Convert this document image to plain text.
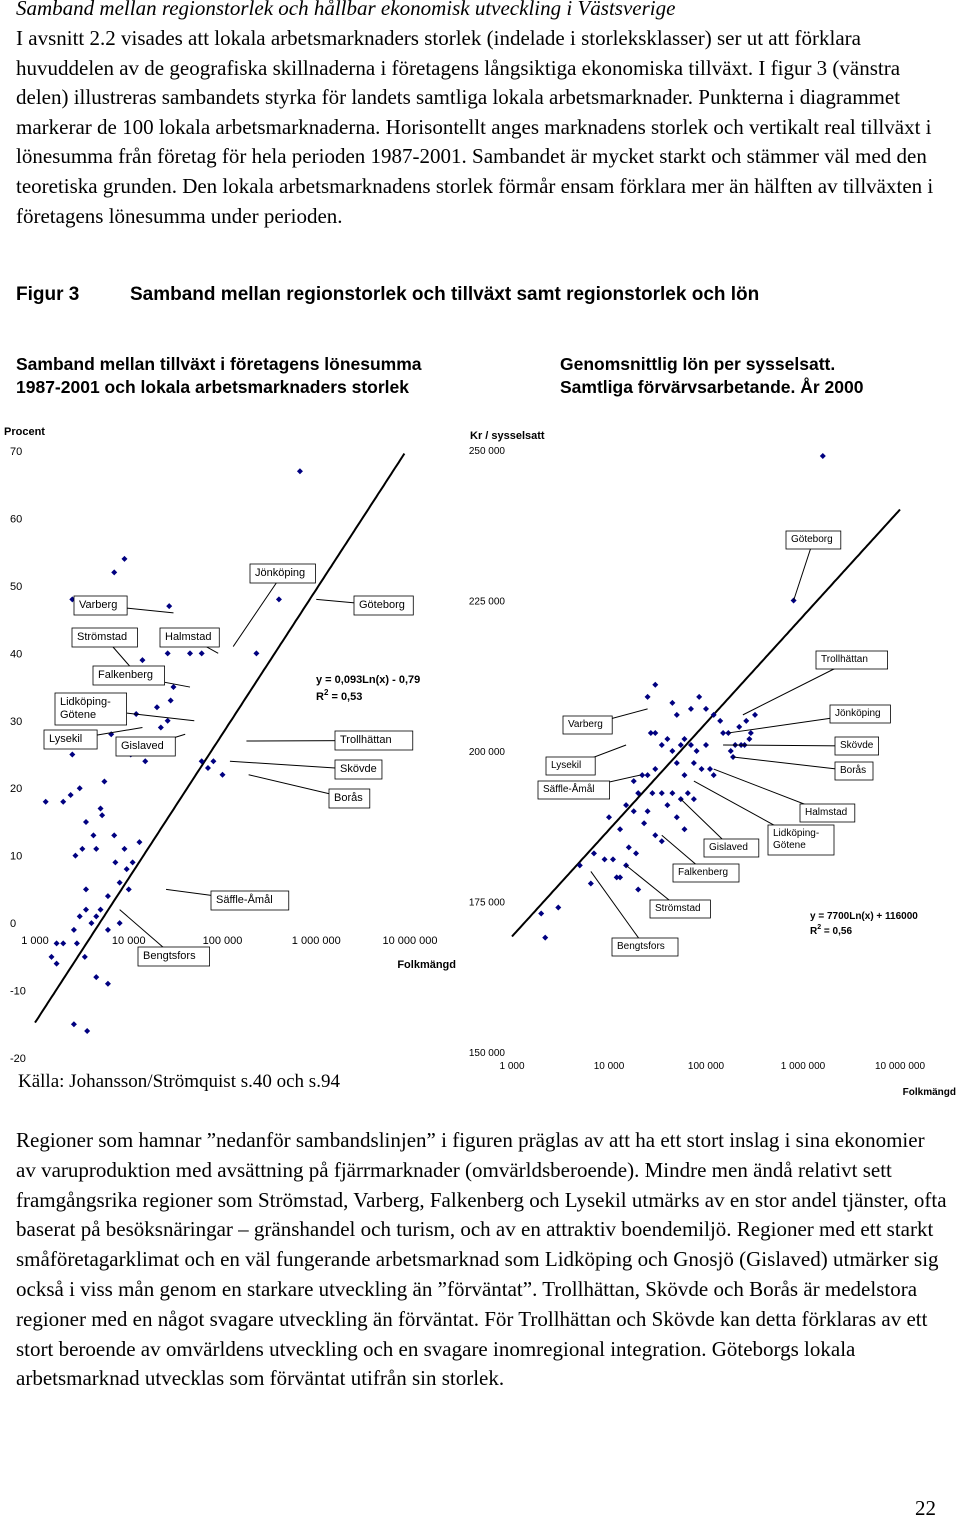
Samband mellan regionstorlek och hållbar ekonomisk utveckling i Västsverige

I avsnitt 2.2 visades att lokala arbetsmarknaders storlek (indelade i storleksklasser) ser ut att förklara huvuddelen av de geografiska skillnaderna i företagens långsiktiga ekonomiska tillväxt. I figur 3 (vänstra delen) illustreras sambandets styrka för landets samtliga lokala arbetsmarknader. Punkterna i diagrammet markerar de 100 lokala arbetsmarknaderna. Horisontellt anges marknadens storlek och vertikalt real tillväxt i lönesumma från företag för hela perioden 1987-2001. Sambandet är mycket starkt och stämmer väl med den teoretiska grunden. Den lokala arbetsmarknadens storlek förmår ensam förklara mer än hälften av tillväxten i företagens lönesumma under perioden.

Figur 3	Samband mellan regionstorlek och tillväxt samt regionstorlek och lön
Samband mellan tillväxt i företagens lönesumma
1987-2001 och lokala arbetsmarknaders storlek
Genomsnittlig lön per sysselsatt.
Samtliga förvärvsarbetande. År 2000
Procent
70
60
50
40
30
20
10
0
-10
-20
1 000	10 000	100 000	1 000 000	10 000 000
Folkmängd
y = 0,093Ln(x) - 0,79
$R^2 = 0,53$
Varberg
Strömstad	Halmstad
Jönköping
Göteborg
Falkenberg
Lidköping-Götene
Lysekil
Gislaved	Trollhättan
Skövde
Borås
Säffle-Åmål
Bengtsfors
Kr / sysselsatt
250 000
225 000
200 000
175 000
150 000
1 000	10 000	100 000	1 000 000	10 000 000
Folkmängd
y = 7700Ln(x) + 116000
$R^2 = 0,56$
Göteborg
Trollhättan
Jönköping
Skövde
Borås
Varberg
Lysekil
Säffle-Åmål
Halmstad
Lidköping-Götene
Gislaved
Falkenberg
Strömstad
Bengtsfors
Källa: Johansson/Strömquist s.40 och s.94

Regioner som hamnar ”nedanför sambandslinjen” i figuren präglas av att ha ett stort inslag i sina ekonomier av varuproduktion med avsättning på fjärrmarknader (omvärldsberoende). Mindre men ändå relativt sett framgångsrika regioner som Strömstad, Varberg, Falkenberg och Lysekil utmärks av en stor andel tjänster, ofta baserat på besöksnäringar – gränshandel och turism, och av en attraktiv boendemiljö. Regioner med ett starkt småföretagarklimat och en väl fungerande arbetsmarknad som Lidköping och Gnosjö (Gislaved) utmärker sig också i viss mån genom en starkare utveckling än ”förväntat”. Trollhättan, Skövde och Borås är medelstora regioner med en något svagare utveckling än förväntat. För Trollhättan och Skövde kan detta förklaras av ett stort beroende av omvärldens utveckling och en svagare inomregional integration. Göteborgs lokala arbetsmarknad utvecklas som förväntat utifrån sin storlek.

22
